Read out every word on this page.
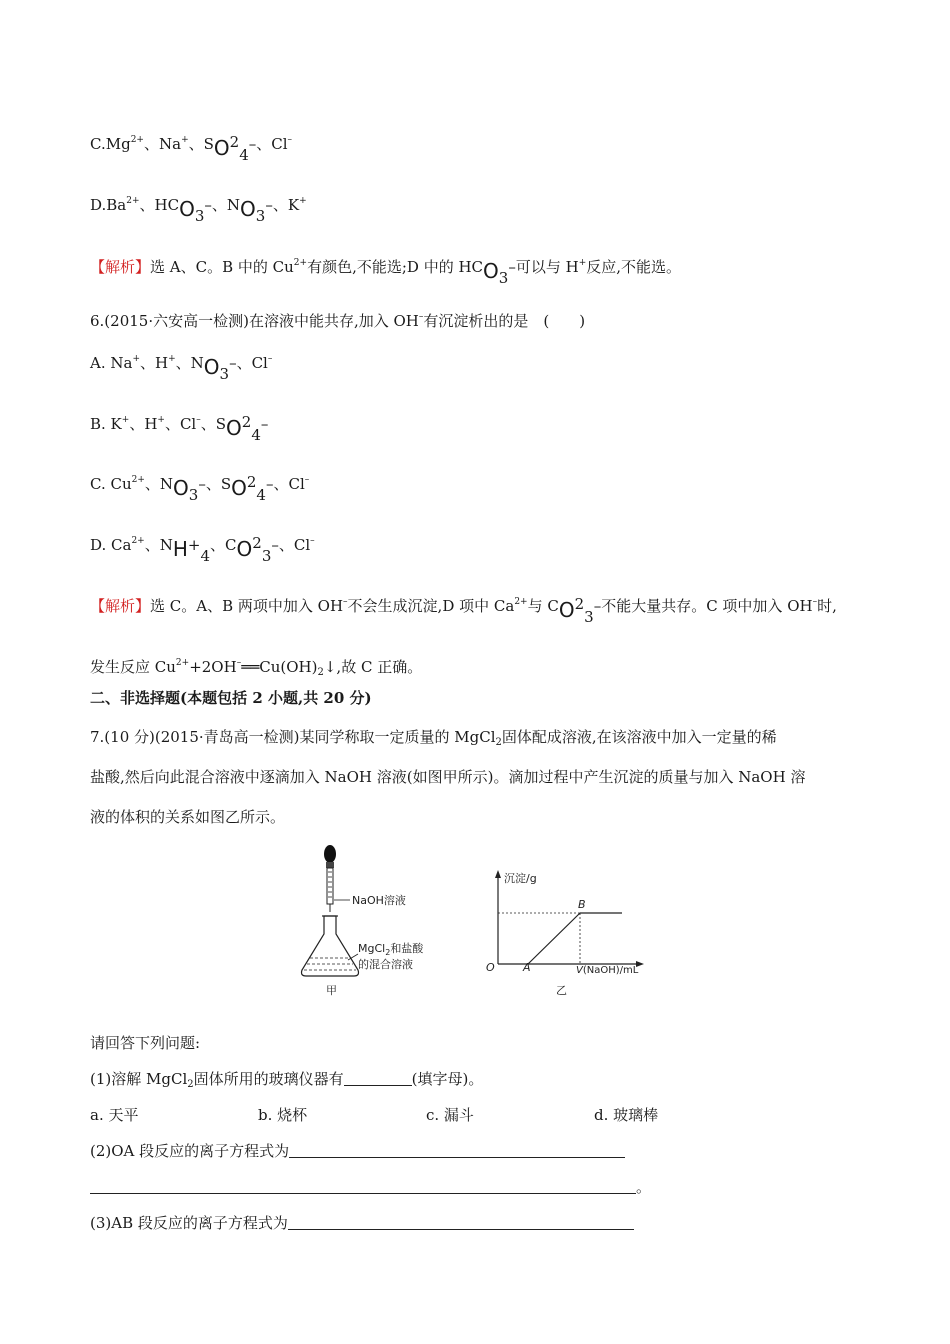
$C.Mg^{2+}$、Na+、SO24–、Cl–
$D.Ba^{2+}$、HCO3–、NO3–、K+
【解析】选 A、C。B 中的 $Cu^{2+}$有颜色,不能选;D 中的 HCO3–可以与 H+反应,不能选。
6.(2015·六安高一检测)在溶液中能共存,加入 OH–有沉淀析出的是　(　　)
A. Na+、H+、NO3–、Cl–
B. K+、H+、Cl–、SO24–
C. $Cu^{2+}$、NO3–、SO24–、Cl–
D. $Ca^{2+}$、NH+4、CO23–、Cl–
【解析】选 C。A、B 两项中加入 OH–不会生成沉淀,D 项中 $Ca^{2+}$与 CO23–不能大量共存。C 项中加入 OH–时,
发生反应 $Cu^{2+}+2OH^-══Cu(OH)_2↓$,故 C 正确。
二、非选择题(本题包括 2 小题,共 20 分)
7.(10 分)(2015·青岛高一检测)某同学称取一定质量的 MgCl$_2$固体配成溶液,在该溶液中加入一定量的稀
盐酸,然后向此混合溶液中逐滴加入 NaOH 溶液(如图甲所示)。滴加过程中产生沉淀的质量与加入 NaOH 溶
液的体积的关系如图乙所示。
NaOH溶液
MgCl$_2$和盐酸
的混合溶液
甲
沉淀/g
B
O	A	V(NaOH)/mL
乙
请回答下列问题:
(1)溶解 MgCl$_2$固体所用的玻璃仪器有	(填字母)。
a. 天平	b. 烧杯	c. 漏斗	d. 玻璃棒
(2)OA 段反应的离子方程式为
。
(3)AB 段反应的离子方程式为
